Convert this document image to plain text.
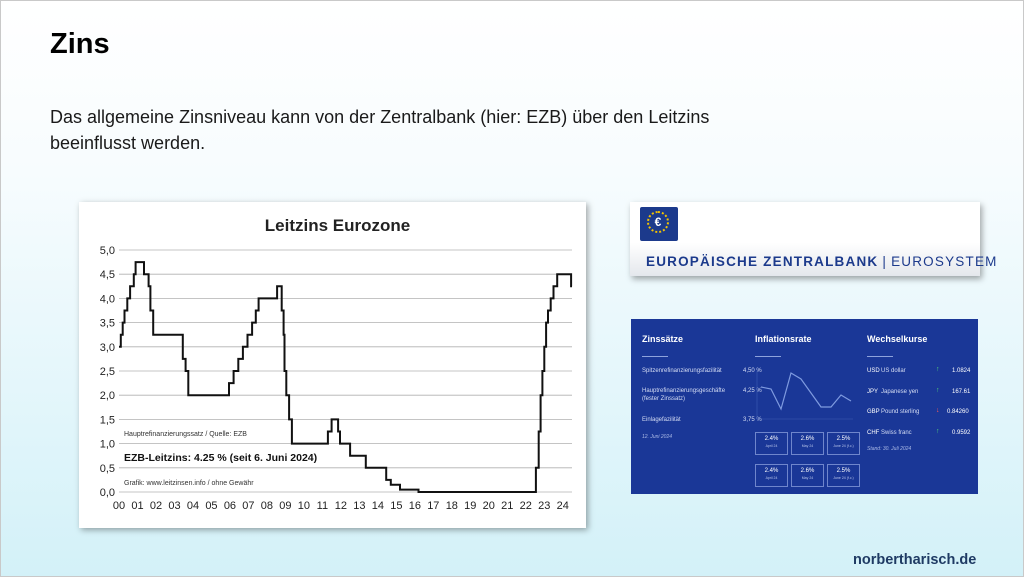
Zins
Das allgemeine Zinsniveau kann von der Zentralbank (hier: EZB) über den Leitzins beeinflusst werden.
Leitzins Eurozone
5,0
4,5
4,0
3,5
3,0
2,5
2,0
1,5
1,0
0,5
0,0
00 01 02 03 04 05 06 07 08 09 10 11 12 13 14 15 16 17 18 19 20 21 22 23 24
Hauptrefinanzierungssatz / Quelle: EZB
EZB-Leitzins: 4.25 % (seit 6. Juni 2024)
Grafik: www.leitzinsen.info / ohne Gewähr
€
EUROPÄISCHE ZENTRALBANK | EUROSYSTEM
Zinssätze
Spitzenrefinanzierungsfazilität	4,50 %
Hauptrefinanzierungsgeschäfte (fester Zinssatz)
4,25 %
Einlagefazilität	3,75 %
12. Juni 2024
Inflationsrate
2.4%
April 24
2.6%
May 24
2.5%
June 24 (f.c.)
2.4%
April 24
2.6%
May 24
2.5%
June 24 (f.c.)
Wechselkurse
USD US dollar	↑ 1.0824
JPY Japanese yen	↑ 167.61
GBP Pound sterling ↓ 0.84260
CHF Swiss franc	↑ 0.9592
Stand: 30. Juli 2024
norbertharisch.de
